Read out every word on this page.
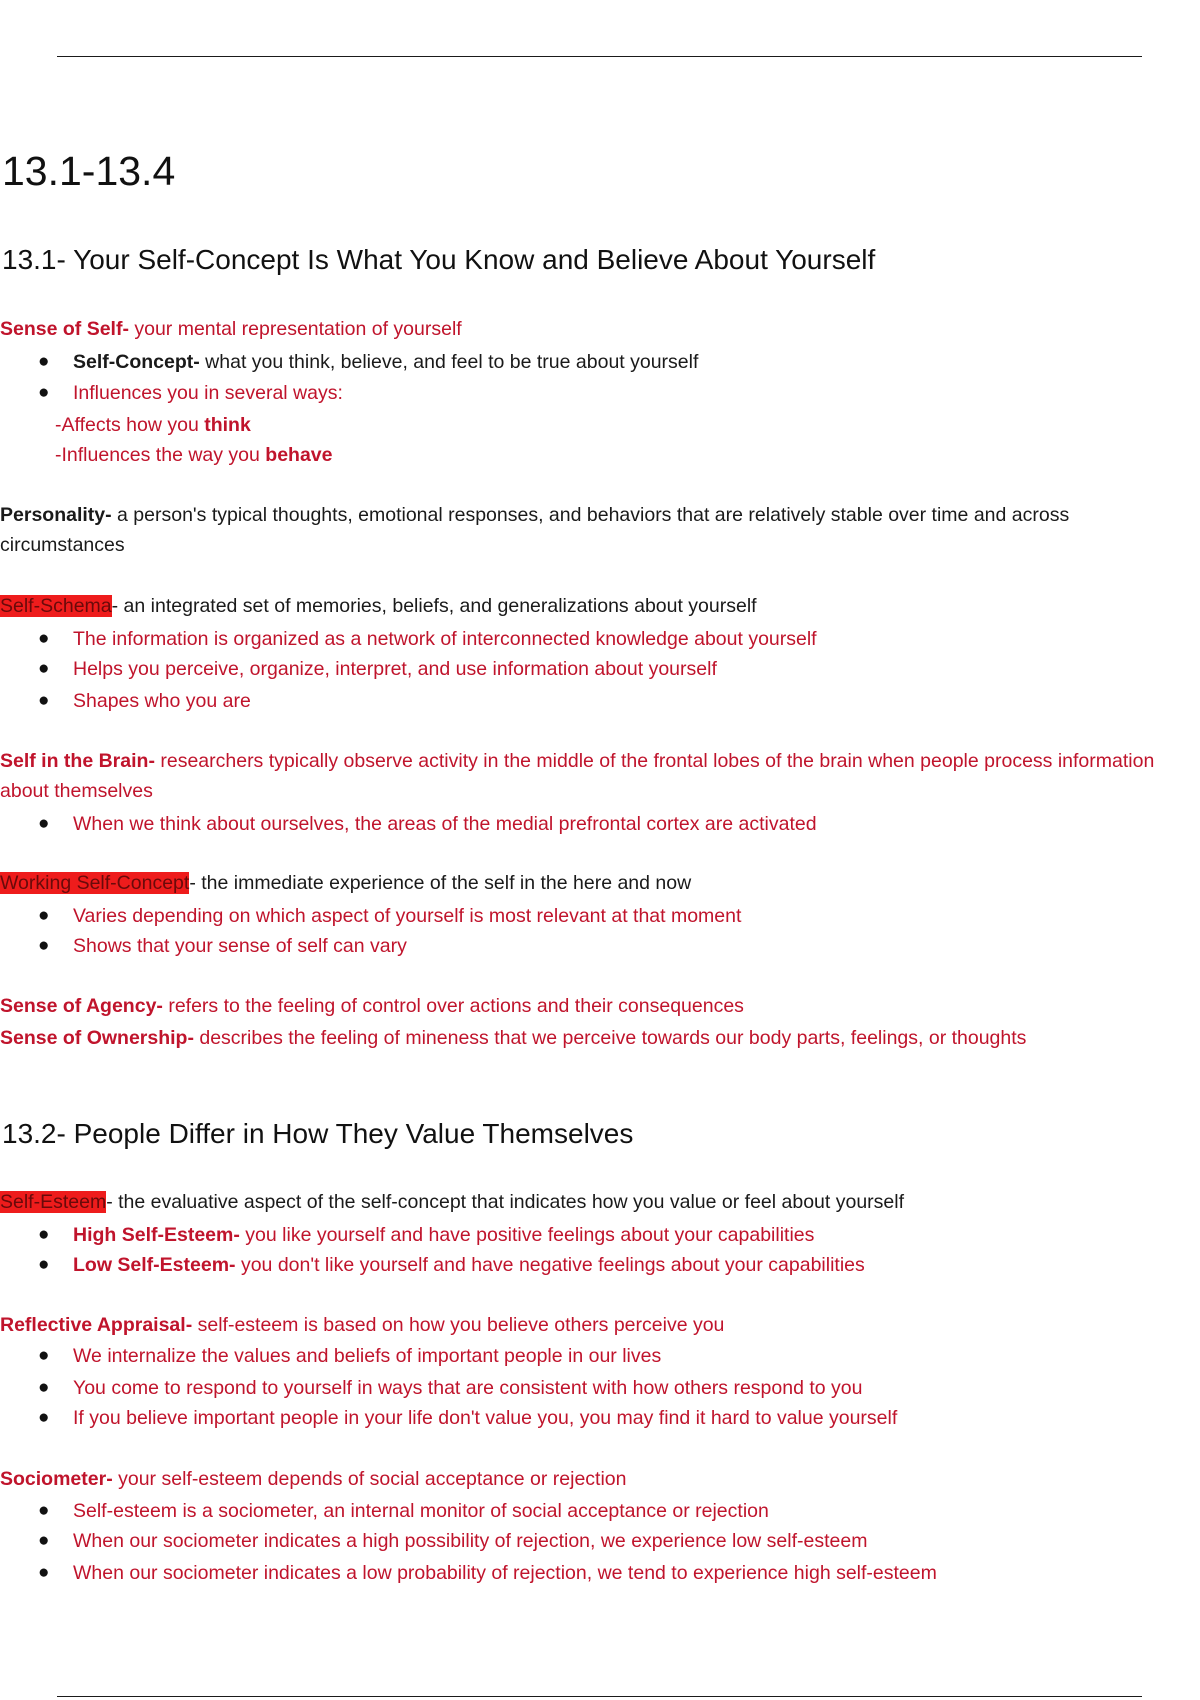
13.1-13.4
13.1- Your Self-Concept Is What You Know and Believe About Yourself
Sense of Self- your mental representation of yourself
● Self-Concept- what you think, believe, and feel to be true about yourself
● Influences you in several ways:
-Affects how you think
-Influences the way you behave
Personality- a person's typical thoughts, emotional responses, and behaviors that are relatively stable over time and across circumstances
Self-Schema- an integrated set of memories, beliefs, and generalizations about yourself
● The information is organized as a network of interconnected knowledge about yourself
● Helps you perceive, organize, interpret, and use information about yourself
● Shapes who you are
Self in the Brain- researchers typically observe activity in the middle of the frontal lobes of the brain when people process information
about themselves
● When we think about ourselves, the areas of the medial prefrontal cortex are activated
Working Self-Concept- the immediate experience of the self in the here and now
● Varies depending on which aspect of yourself is most relevant at that moment
● Shows that your sense of self can vary
Sense of Agency- refers to the feeling of control over actions and their consequences
Sense of Ownership- describes the feeling of mineness that we perceive towards our body parts, feelings, or thoughts
13.2- People Differ in How They Value Themselves
Self-Esteem- the evaluative aspect of the self-concept that indicates how you value or feel about yourself
● High Self-Esteem- you like yourself and have positive feelings about your capabilities
● Low Self-Esteem- you don't like yourself and have negative feelings about your capabilities
Reflective Appraisal- self-esteem is based on how you believe others perceive you
● We internalize the values and beliefs of important people in our lives
● You come to respond to yourself in ways that are consistent with how others respond to you
● If you believe important people in your life don't value you, you may find it hard to value yourself
Sociometer- your self-esteem depends of social acceptance or rejection
● Self-esteem is a sociometer, an internal monitor of social acceptance or rejection
● When our sociometer indicates a high possibility of rejection, we experience low self-esteem
● When our sociometer indicates a low probability of rejection, we tend to experience high self-esteem
